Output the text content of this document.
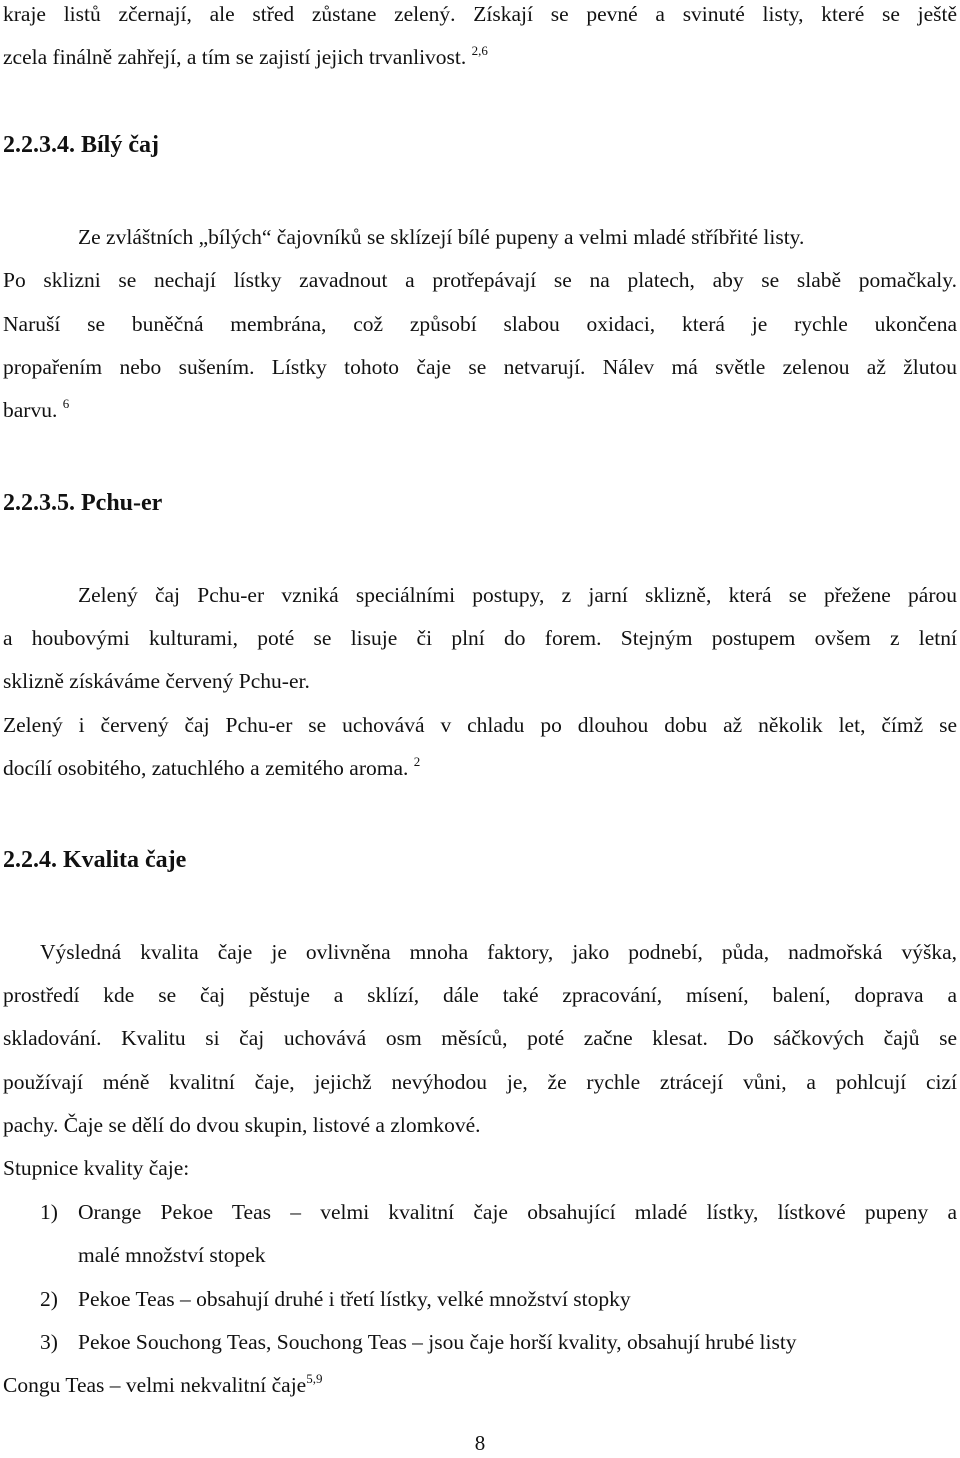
kraje listů zčernají, ale střed zůstane zelený. Získají se pevné a svinuté listy, které se ještě
zcela finálně zahřejí, a tím se zajistí jejich trvanlivost. $^{2,6}$
2.2.3.4. Bílý čaj
Ze zvláštních „bílých“ čajovníků se sklízejí bílé pupeny a velmi mladé stříbřité listy.
Po sklizni se nechají lístky zavadnout a protřepávají se na platech, aby se slabě pomačkaly.
Naruší se buněčná membrána, což způsobí slabou oxidaci, která je rychle ukončena
propařením nebo sušením. Lístky tohoto čaje se netvarují. Nálev má světle zelenou až žlutou
barvu. $^6$
2.2.3.5. Pchu-er
Zelený čaj Pchu-er vzniká speciálními postupy, z jarní sklizně, která se přežene párou
a houbovými kulturami, poté se lisuje či plní do forem. Stejným postupem ovšem z letní
sklizně získáváme červený Pchu-er.
Zelený i červený čaj Pchu-er se uchovává v chladu po dlouhou dobu až několik let, čímž se
docílí osobitého, zatuchlého a zemitého aroma. $^2$
2.2.4. Kvalita čaje
Výsledná kvalita čaje je ovlivněna mnoha faktory, jako podnebí, půda, nadmořská výška,
prostředí kde se čaj pěstuje a sklízí, dále také zpracování, mísení, balení, doprava a
skladování. Kvalitu si čaj uchovává osm měsíců, poté začne klesat. Do sáčkových čajů se
používají méně kvalitní čaje, jejichž nevýhodou je, že rychle ztrácejí vůni, a pohlcují cizí
pachy. Čaje se dělí do dvou skupin, listové a zlomkové.
Stupnice kvality čaje:
1) Orange Pekoe Teas – velmi kvalitní čaje obsahující mladé lístky, lístkové pupeny a
malé množství stopek
2) Pekoe Teas – obsahují druhé i třetí lístky, velké množství stopky
3) Pekoe Souchong Teas, Souchong Teas – jsou čaje horší kvality, obsahují hrubé listy
Congu Teas – velmi nekvalitní čaje$^{5,9}$
8
